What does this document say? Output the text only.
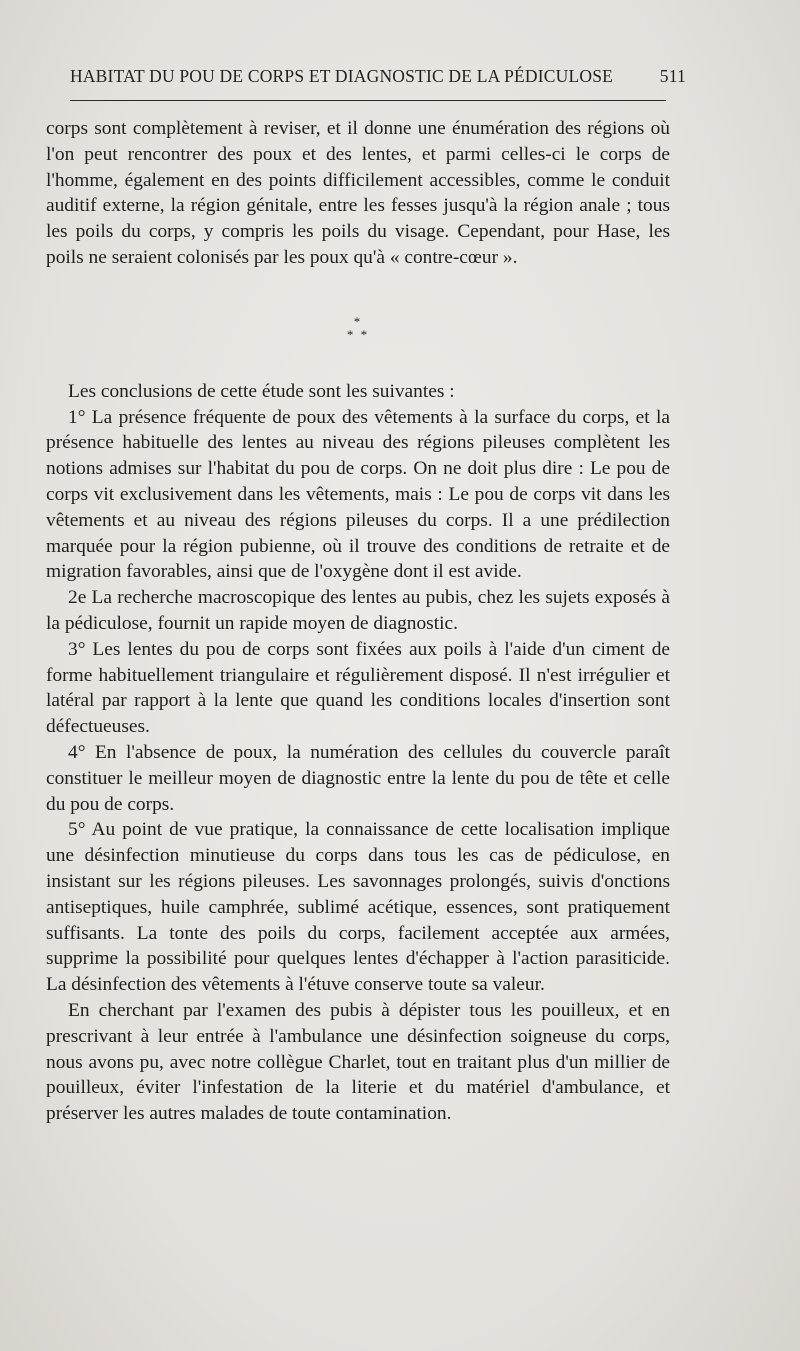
HABITAT DU POU DE CORPS ET DIAGNOSTIC DE LA PÉDICULOSE	511

corps sont complètement à reviser, et il donne une énumération des régions où l'on peut rencontrer des poux et des lentes, et parmi celles-ci le corps de l'homme, également en des points difficilement accessibles, comme le conduit auditif externe, la région génitale, entre les fesses jusqu'à la région anale ; tous les poils du corps, y compris les poils du visage. Cependant, pour Hase, les poils ne seraient colonisés par les poux qu'à « contre-cœur ».

*
* *

Les conclusions de cette étude sont les suivantes :

1° La présence fréquente de poux des vêtements à la surface du corps, et la présence habituelle des lentes au niveau des régions pileuses complètent les notions admises sur l'habitat du pou de corps. On ne doit plus dire : Le pou de corps vit exclusivement dans les vêtements, mais : Le pou de corps vit dans les vêtements et au niveau des régions pileuses du corps. Il a une prédilection marquée pour la région pubienne, où il trouve des conditions de retraite et de migration favorables, ainsi que de l'oxygène dont il est avide.

2e La recherche macroscopique des lentes au pubis, chez les sujets exposés à la pédiculose, fournit un rapide moyen de diagnostic.

3° Les lentes du pou de corps sont fixées aux poils à l'aide d'un ciment de forme habituellement triangulaire et régulièrement disposé. Il n'est irrégulier et latéral par rapport à la lente que quand les conditions locales d'insertion sont défectueuses.

4° En l'absence de poux, la numération des cellules du couvercle paraît constituer le meilleur moyen de diagnostic entre la lente du pou de tête et celle du pou de corps.

5° Au point de vue pratique, la connaissance de cette localisation implique une désinfection minutieuse du corps dans tous les cas de pédiculose, en insistant sur les régions pileuses. Les savonnages prolongés, suivis d'onctions antiseptiques, huile camphrée, sublimé acétique, essences, sont pratiquement suffisants. La tonte des poils du corps, facilement acceptée aux armées, supprime la possibilité pour quelques lentes d'échapper à l'action parasiticide. La désinfection des vêtements à l'étuve conserve toute sa valeur.

En cherchant par l'examen des pubis à dépister tous les pouilleux, et en prescrivant à leur entrée à l'ambulance une désinfection soigneuse du corps, nous avons pu, avec notre collègue Charlet, tout en traitant plus d'un millier de pouilleux, éviter l'infestation de la literie et du matériel d'ambulance, et préserver les autres malades de toute contamination.
